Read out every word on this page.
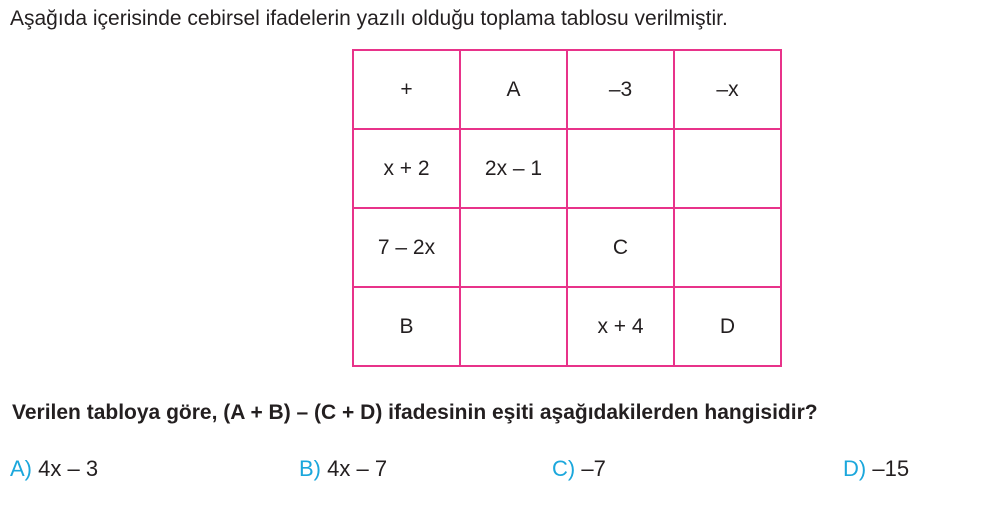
Aşağıda içerisinde cebirsel ifadelerin yazılı olduğu toplama tablosu verilmiştir.
+	A	–3	–x
x + 2	2x – 1		
7 – 2x		C	
B		x + 4	D
Verilen tabloya göre, (A + B) – (C + D) ifadesinin eşiti aşağıdakilerden hangisidir?
A) 4x – 3	B) 4x – 7	C) –7	D) –15
